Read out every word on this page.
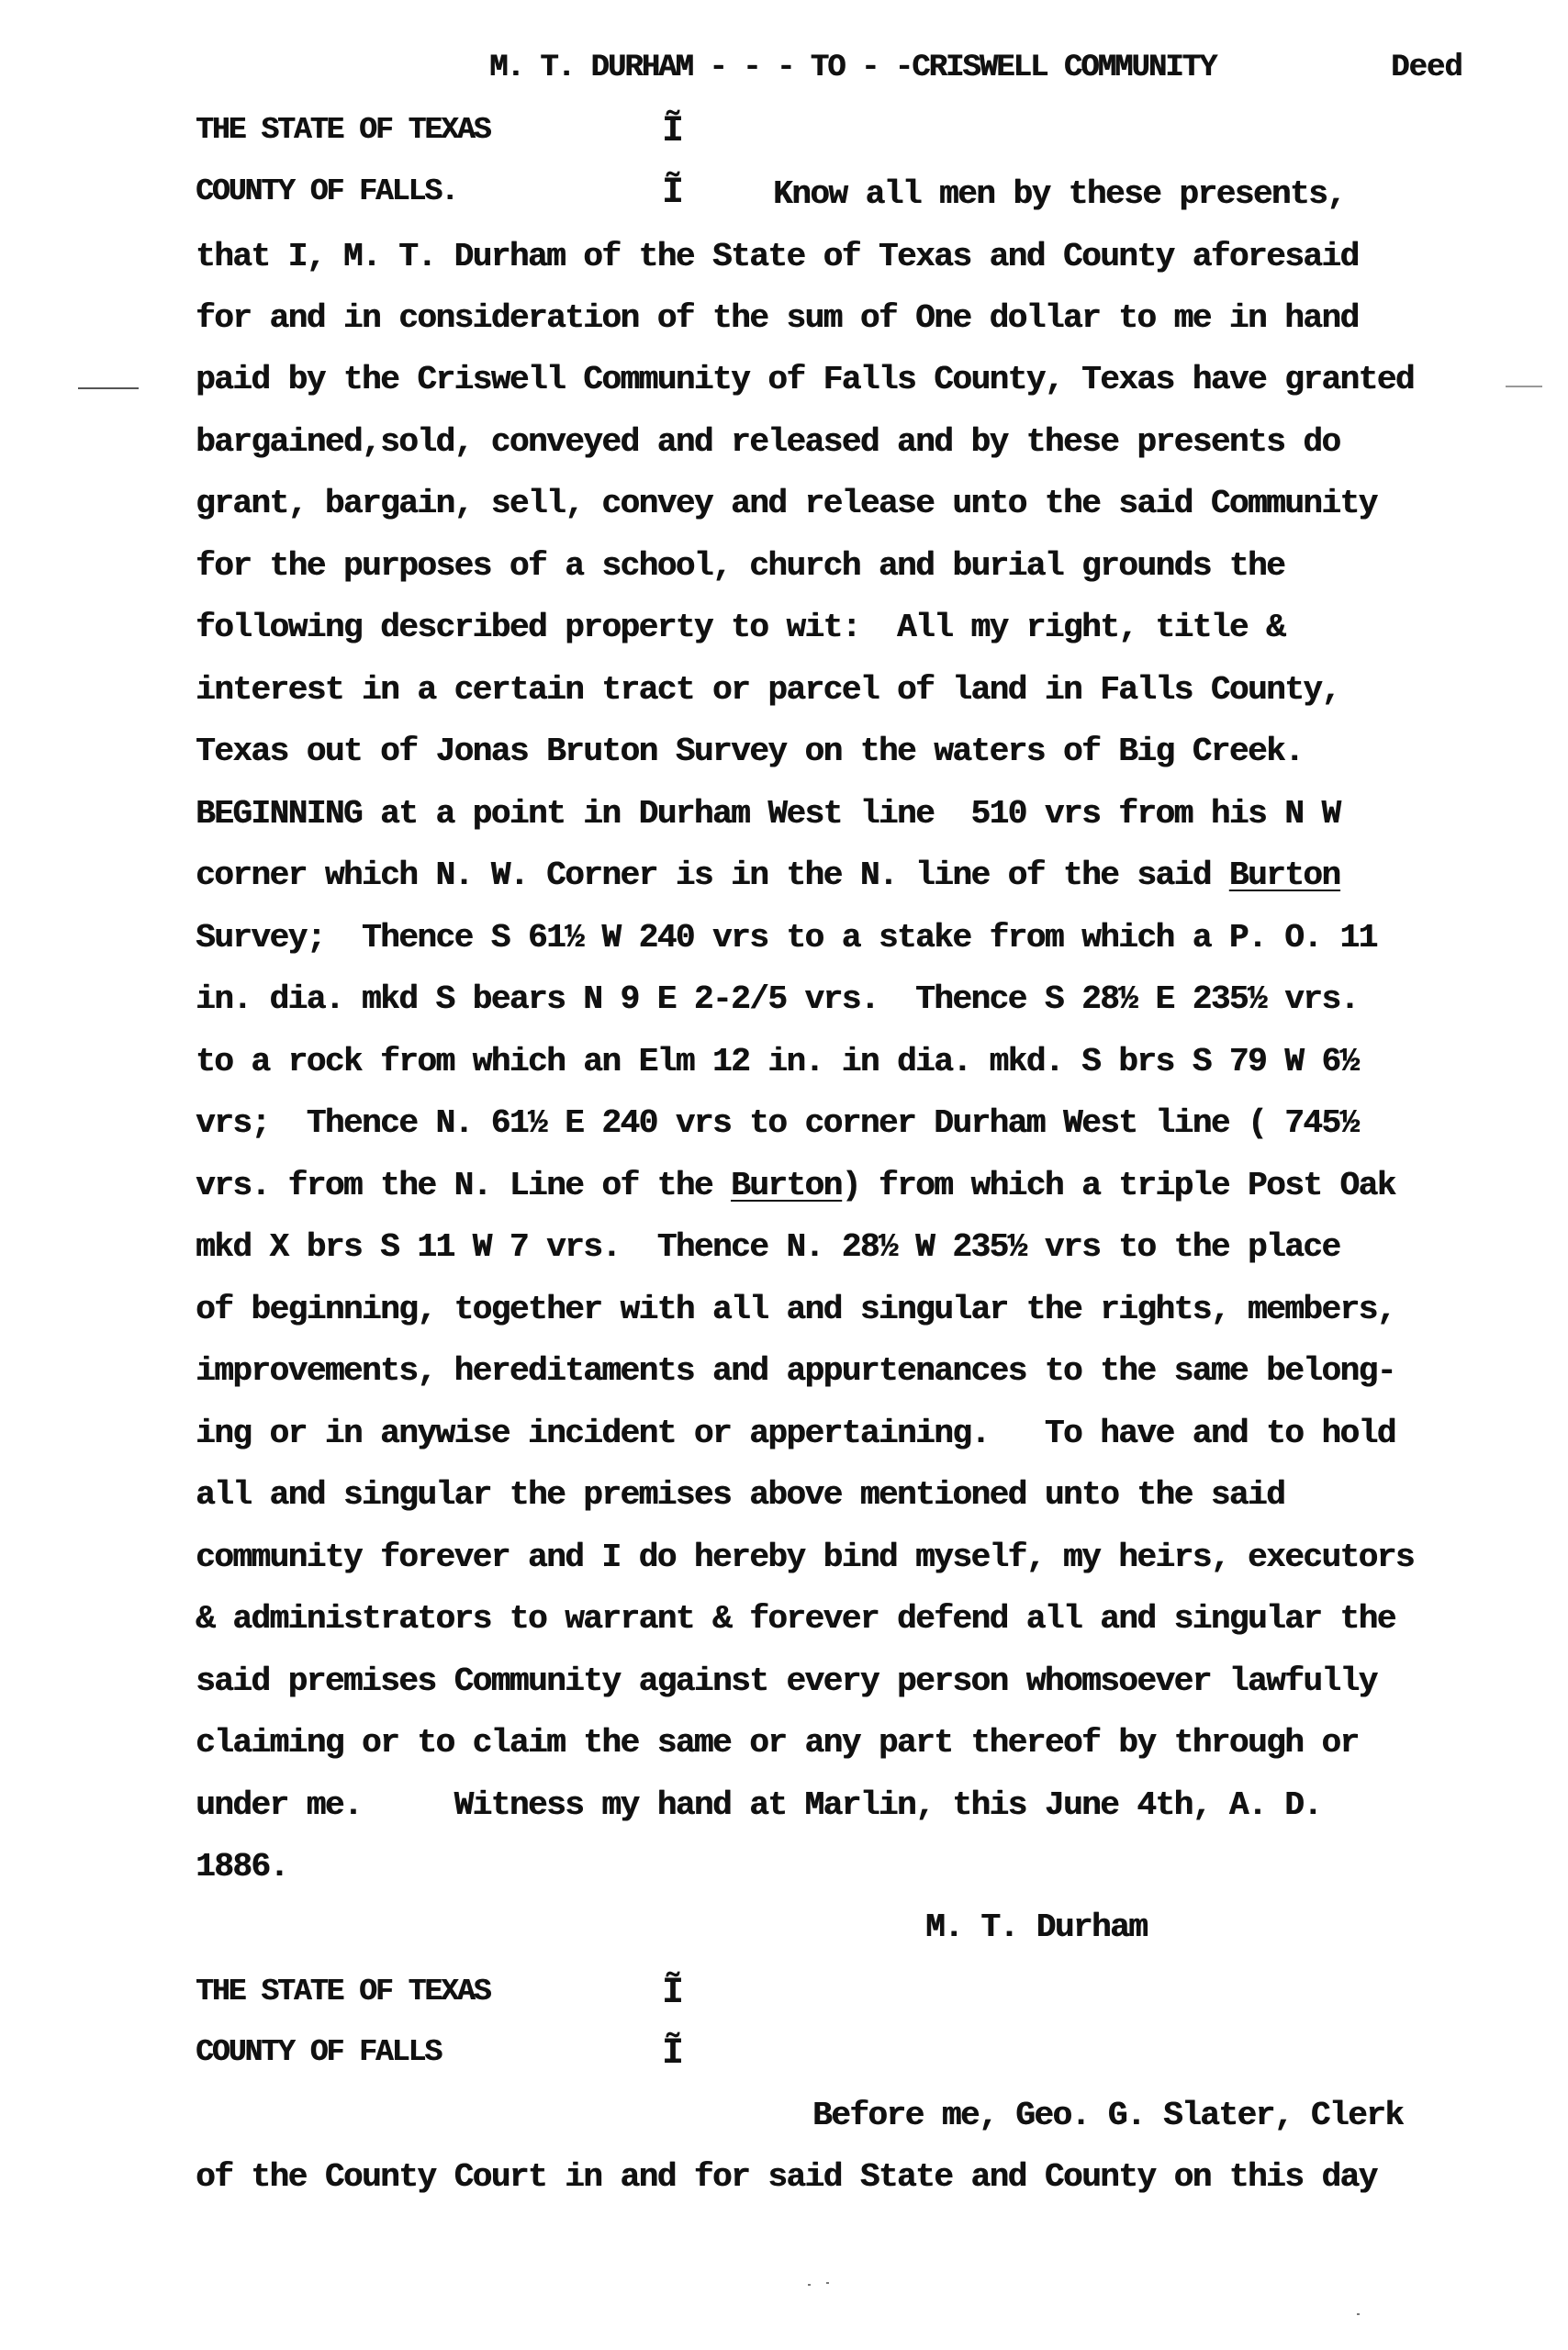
M. T. DURHAM - - - TO - -CRISWELL COMMUNITY	Deed
THE STATE OF TEXAS	Ĩ
COUNTY OF FALLS.	Ĩ	Know all men by these presents,
that I, M. T. Durham of the State of Texas and County aforesaid
for and in consideration of the sum of One dollar to me in hand
paid by the Criswell Community of Falls County, Texas have granted
bargained,sold, conveyed and released and by these presents do
grant, bargain, sell, convey and release unto the said Community
for the purposes of a school, church and burial grounds the
following described property to wit:  All my right, title &
interest in a certain tract or parcel of land in Falls County,
Texas out of Jonas Bruton Survey on the waters of Big Creek.
BEGINNING at a point in Durham West line  510 vrs from his N W
corner which N. W. Corner is in the N. line of the said Burton
Survey;  Thence S 61½ W 240 vrs to a stake from which a P. O. 11
in. dia. mkd S bears N 9 E 2-2/5 vrs.  Thence S 28½ E 235½ vrs.
to a rock from which an Elm 12 in. in dia. mkd. S brs S 79 W 6½
vrs;  Thence N. 61½ E 240 vrs to corner Durham West line ( 745½
vrs. from the N. Line of the Burton) from which a triple Post Oak
mkd X brs S 11 W 7 vrs.  Thence N. 28½ W 235½ vrs to the place
of beginning, together with all and singular the rights, members,
improvements, hereditaments and appurtenances to the same belong-
ing or in anywise incident or appertaining.   To have and to hold
all and singular the premises above mentioned unto the said
community forever and I do hereby bind myself, my heirs, executors
& administrators to warrant & forever defend all and singular the
said premises Community against every person whomsoever lawfully
claiming or to claim the same or any part thereof by through or
under me.     Witness my hand at Marlin, this June 4th, A. D.
1886.
M. T. Durham
THE STATE OF TEXAS	Ĩ
COUNTY OF FALLS	Ĩ
Before me, Geo. G. Slater, Clerk
of the County Court in and for said State and County on this day
